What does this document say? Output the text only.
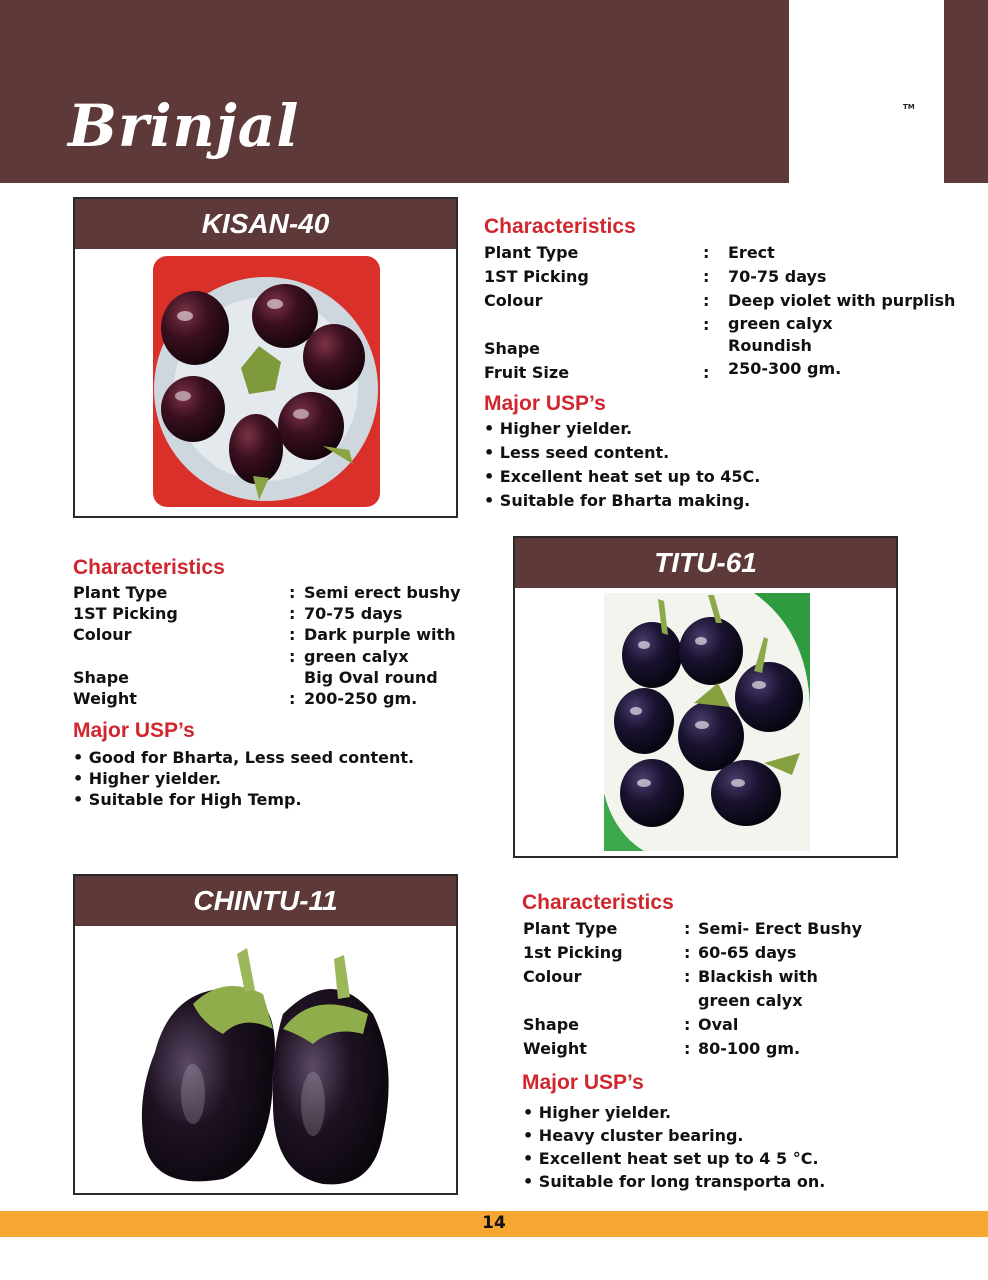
Brinjal	TM
KISAN-40	Characteristics
Plant Type	: Erect
1ST Picking	: 70-75 days
Colour	: Deep violet with purplish
: green calyx
Shape	Roundish
Fruit Size	: 250-300 gm.
Major USP’s
• Higher yielder.
• Less seed content.
• Excellent heat set up to 45C.
• Suitable for Bharta making.
Characteristics
Plant Type	: Semi erect bushy
1ST Picking	: 70-75 days
Colour	: Dark purple with
: green calyx
Shape	Big Oval round
Weight	: 200-250 gm.
Major USP’s
• Good for Bharta, Less seed content.
• Higher yielder.
• Suitable for High Temp.
TITU-61
CHINTU-11	Characteristics
Plant Type	: Semi- Erect Bushy
1st Picking	: 60-65 days
Colour	: Blackish with
green calyx
Shape	: Oval
Weight	: 80-100 gm.
Major USP’s
• Higher yielder.
• Heavy cluster bearing.
• Excellent heat set up to 4 5 °C.
• Suitable for long transporta on.
14
